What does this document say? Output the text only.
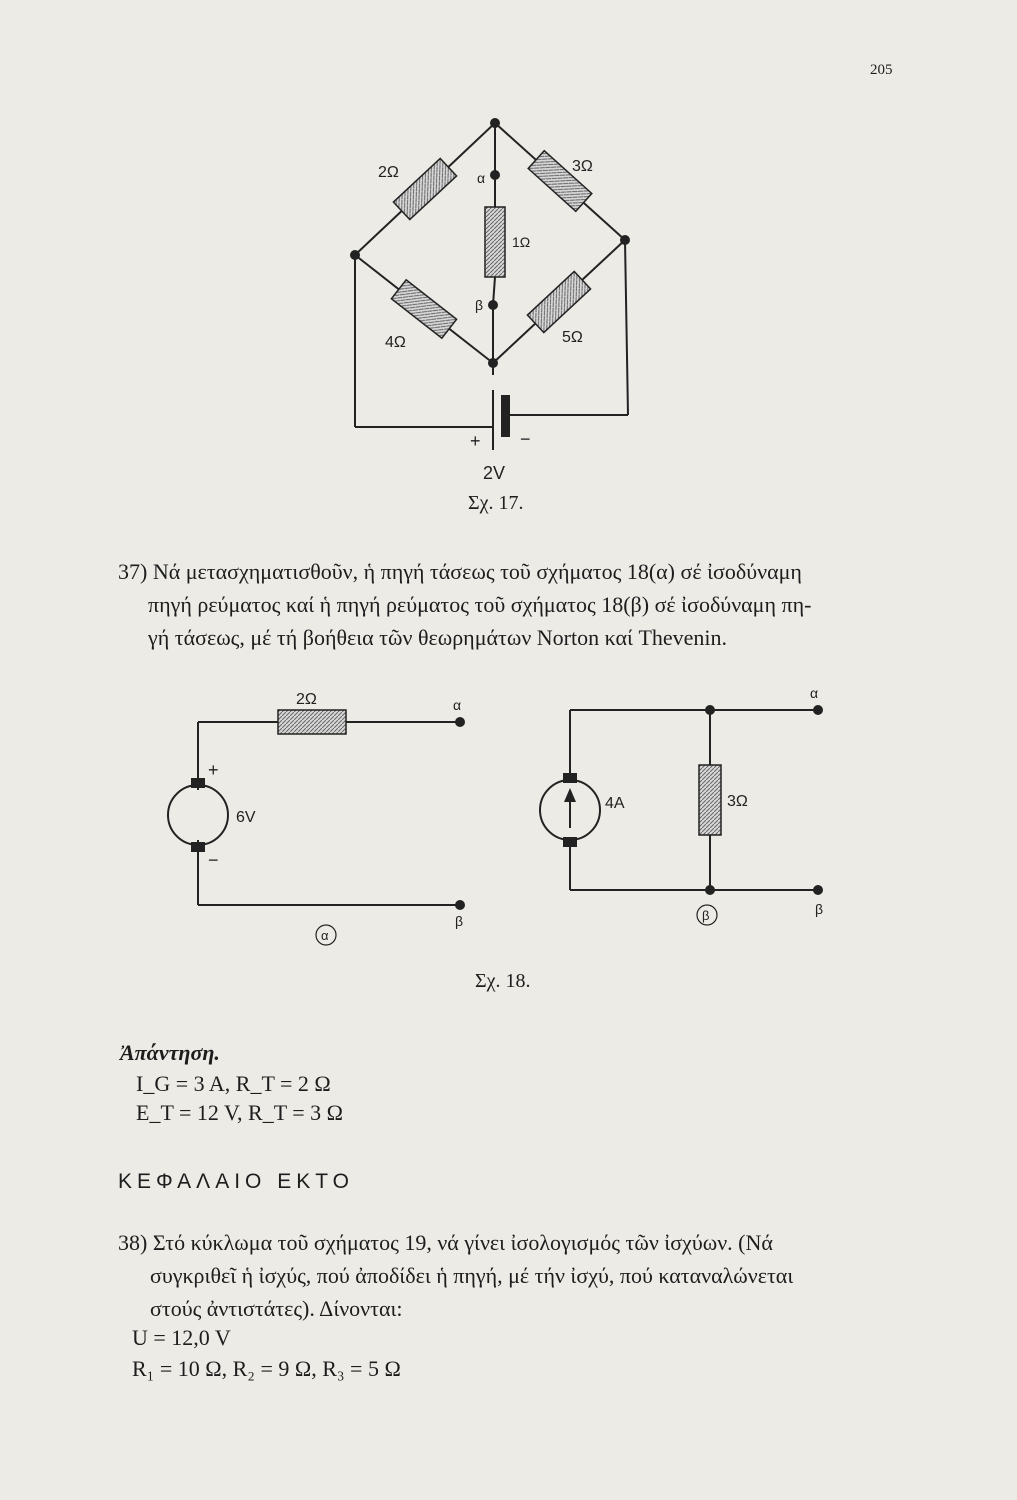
205
2Ω	3Ω
1Ω
4Ω	5Ω
α
β
+ −
2V
Σχ. 17.

37) Νά μετασχηματισθοῦν, ἡ πηγή τάσεως τοῦ σχήματος 18(α) σέ ἰσοδύναμη

πηγή ρεύματος καί ἡ πηγή ρεύματος τοῦ σχήματος 18(β) σέ ἰσοδύναμη πη-

γή τάσεως, μέ τή βοήθεια τῶν θεωρημάτων Norton καί Thevenin.

2Ω
6V
+
−
α
β
α
4A	3Ω
α
β
β
Σχ. 18.
Ἀπάντηση.
I_G = 3 A, R_T = 2 Ω
E_T = 12 V, R_T = 3 Ω
ΚΕΦΑΛΑΙΟ ΕΚΤΟ

38) Στό κύκλωμα τοῦ σχήματος 19, νά γίνει ἰσολογισμός τῶν ἰσχύων. (Νά

συγκριθεῖ ἡ ἰσχύς, πού ἀποδίδει ἡ πηγή, μέ τήν ἰσχύ, πού καταναλώνεται

στούς ἀντιστάτες). Δίνονται:

U = 12,0 V
R₁ = 10 Ω, R₂ = 9 Ω, R₃ = 5 Ω
